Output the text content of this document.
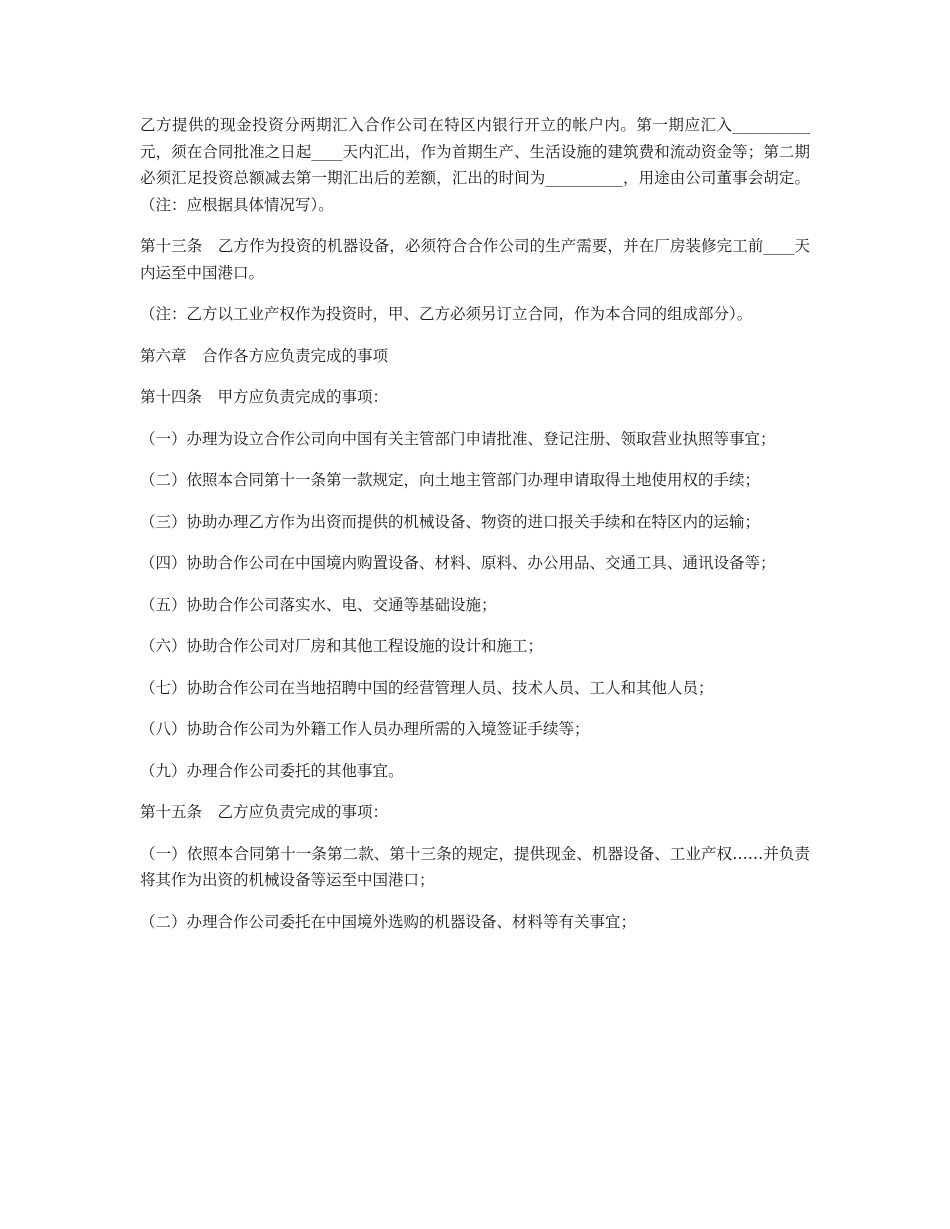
乙方提供的现金投资分两期汇入合作公司在特区内银行开立的帐户内。第一期应汇入__________元，须在合同批准之日起____天内汇出，作为首期生产、生活设施的建筑费和流动资金等；第二期必须汇足投资总额减去第一期汇出后的差额，汇出的时间为__________，用途由公司董事会胡定。（注：应根据具体情况写）。

第十三条　乙方作为投资的机器设备，必须符合合作公司的生产需要，并在厂房装修完工前____天内运至中国港口。

（注：乙方以工业产权作为投资时，甲、乙方必须另订立合同，作为本合同的组成部分）。

第六章　合作各方应负责完成的事项

第十四条　甲方应负责完成的事项：

（一）办理为设立合作公司向中国有关主管部门申请批准、登记注册、领取营业执照等事宜；

（二）依照本合同第十一条第一款规定，向土地主管部门办理申请取得土地使用权的手续；

（三）协助办理乙方作为出资而提供的机械设备、物资的进口报关手续和在特区内的运输；

（四）协助合作公司在中国境内购置设备、材料、原料、办公用品、交通工具、通讯设备等；

（五）协助合作公司落实水、电、交通等基础设施；

（六）协助合作公司对厂房和其他工程设施的设计和施工；

（七）协助合作公司在当地招聘中国的经营管理人员、技术人员、工人和其他人员；

（八）协助合作公司为外籍工作人员办理所需的入境签证手续等；

（九）办理合作公司委托的其他事宜。

第十五条　乙方应负责完成的事项：

（一）依照本合同第十一条第二款、第十三条的规定，提供现金、机器设备、工业产权……并负责将其作为出资的机械设备等运至中国港口；

（二）办理合作公司委托在中国境外选购的机器设备、材料等有关事宜；
